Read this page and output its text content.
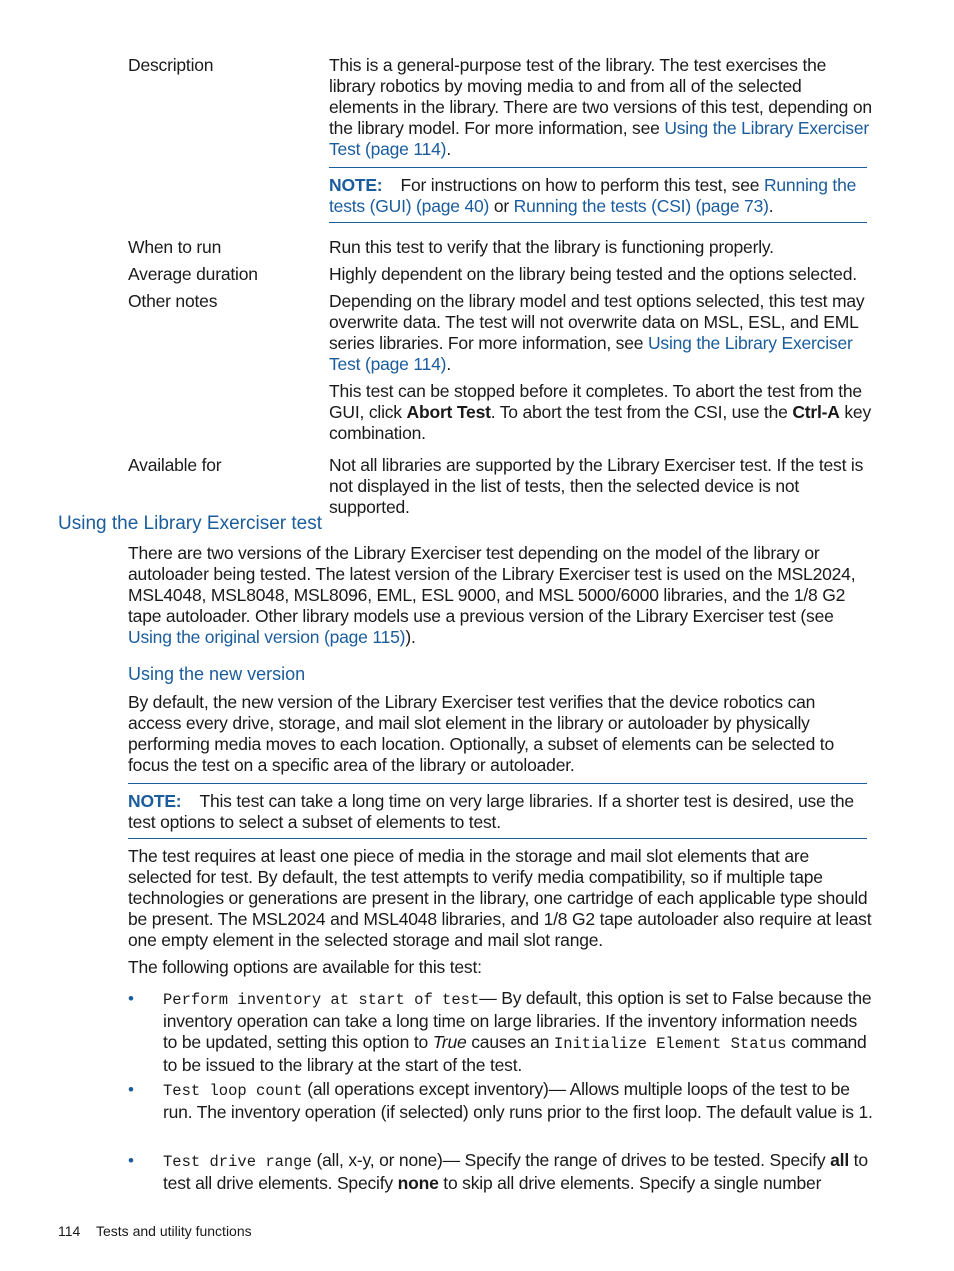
Description	This is a general-purpose test of the library. The test exercises the library robotics by moving media to and from all of the selected elements in the library. There are two versions of this test, depending on the library model. For more information, see Using the Library Exerciser Test (page 114).
NOTE: For instructions on how to perform this test, see Running the tests (GUI) (page 40) or Running the tests (CSI) (page 73).
When to run	Run this test to verify that the library is functioning properly.
Average duration	Highly dependent on the library being tested and the options selected.
Other notes	Depending on the library model and test options selected, this test may overwrite data. The test will not overwrite data on MSL, ESL, and EML series libraries. For more information, see Using the Library Exerciser Test (page 114).
This test can be stopped before it completes. To abort the test from the GUI, click Abort Test. To abort the test from the CSI, use the Ctrl-A key combination.
Available for	Not all libraries are supported by the Library Exerciser test. If the test is not displayed in the list of tests, then the selected device is not supported.
Using the Library Exerciser test
There are two versions of the Library Exerciser test depending on the model of the library or autoloader being tested. The latest version of the Library Exerciser test is used on the MSL2024, MSL4048, MSL8048, MSL8096, EML, ESL 9000, and MSL 5000/6000 libraries, and the 1/8 G2 tape autoloader. Other library models use a previous version of the Library Exerciser test (see Using the original version (page 115)).
Using the new version
By default, the new version of the Library Exerciser test verifies that the device robotics can access every drive, storage, and mail slot element in the library or autoloader by physically performing media moves to each location. Optionally, a subset of elements can be selected to focus the test on a specific area of the library or autoloader.
NOTE: This test can take a long time on very large libraries. If a shorter test is desired, use the test options to select a subset of elements to test.
The test requires at least one piece of media in the storage and mail slot elements that are selected for test. By default, the test attempts to verify media compatibility, so if multiple tape technologies or generations are present in the library, one cartridge of each applicable type should be present. The MSL2024 and MSL4048 libraries, and 1/8 G2 tape autoloader also require at least one empty element in the selected storage and mail slot range.
The following options are available for this test:
• Perform inventory at start of test— By default, this option is set to False because the inventory operation can take a long time on large libraries. If the inventory information needs to be updated, setting this option to True causes an Initialize Element Status command to be issued to the library at the start of the test.
• Test loop count (all operations except inventory)— Allows multiple loops of the test to be run. The inventory operation (if selected) only runs prior to the first loop. The default value is 1.
• Test drive range (all, x-y, or none)— Specify the range of drives to be tested. Specify all to test all drive elements. Specify none to skip all drive elements. Specify a single number
114 Tests and utility functions
